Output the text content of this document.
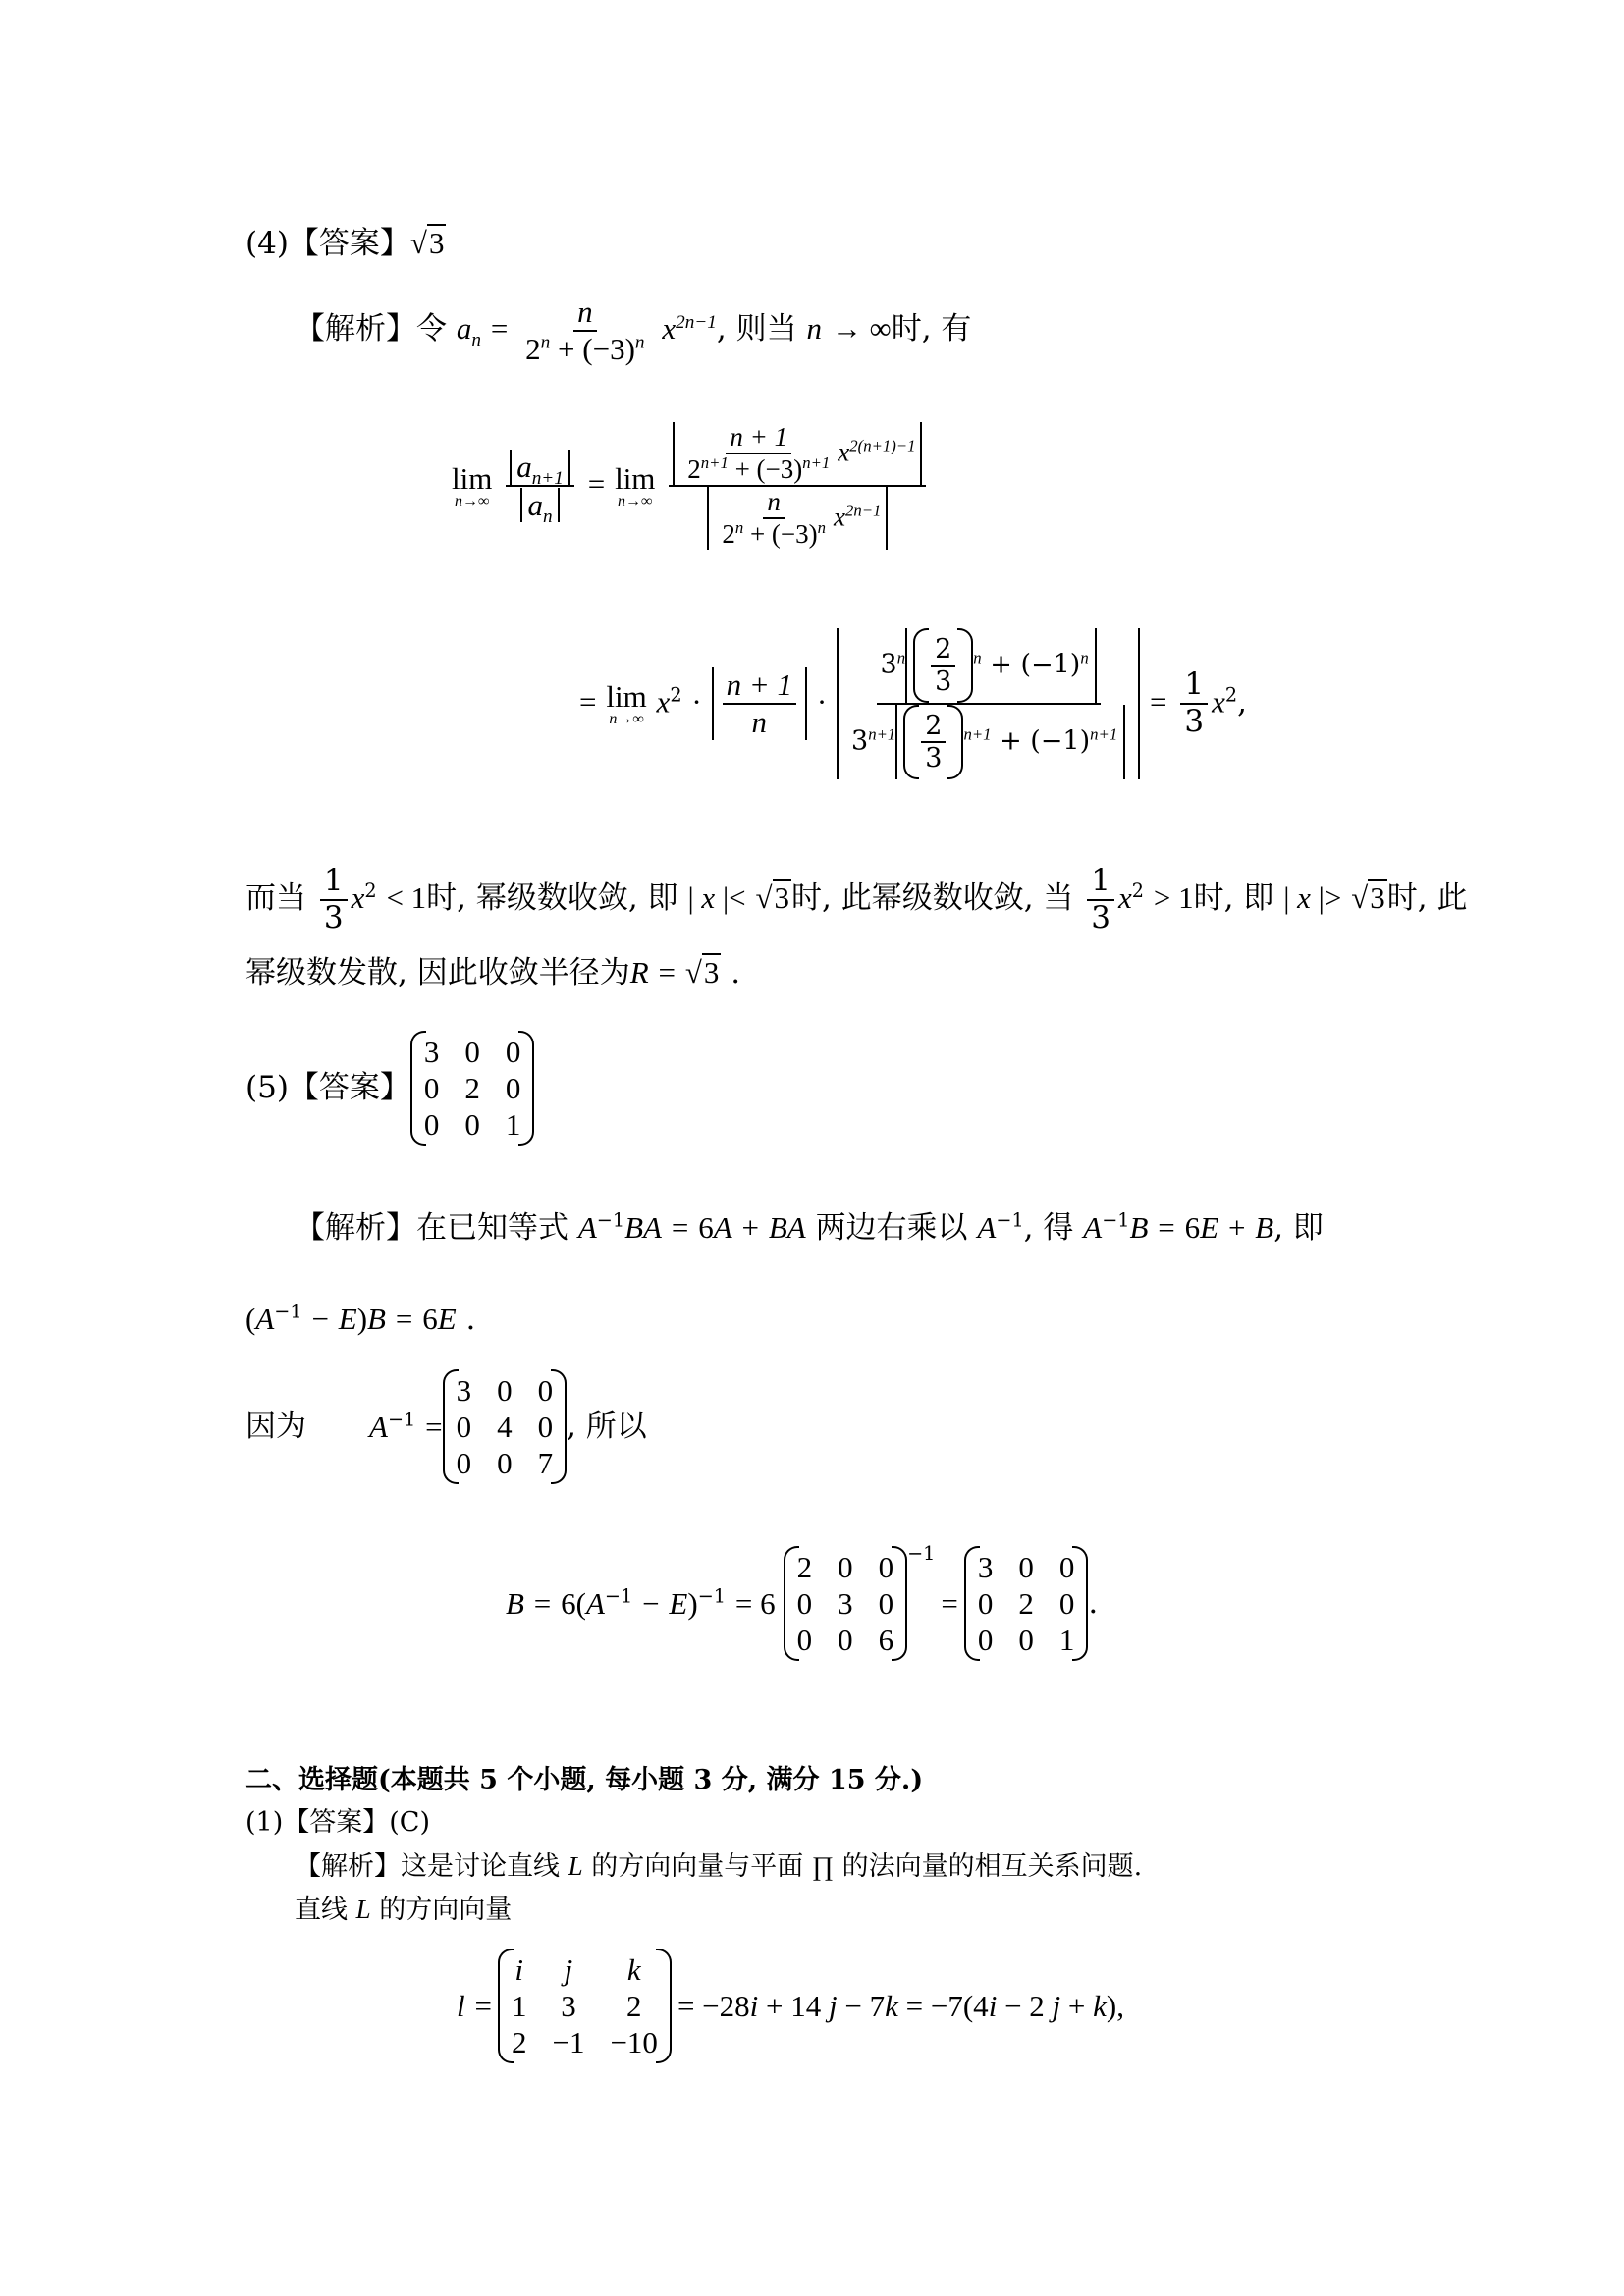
(4)【答案】√3
【解析】令 $a_n = \frac{n}{2^n + (-3)^n} x^{2n-1}$, 则当 n → ∞时, 有
lim
n→∞
$\frac{a_{n+1}}{a_n} = \lim$
n→∞
$\frac{\frac{n + 1}{2^{n+1} + (-3)^{n+1}} x^{2(n+1)-1}}{\frac{n}{2^n + (-3)^n} x^{2n-1}}$
= lim
n→∞ $x^2 \cdot \frac{n + 1}{n} \cdot \frac{3^n \frac{2}{3} ^n + (-1)^n}{3^{n+1} \frac{2}{3} ^{n+1} + (-1)^{n+1}} = \frac{1}{3} x^2$,
而当 $\frac{1}{3} x^2 < 1$时, 幂级数收敛, 即 | x |< √3时, 此幂级数收敛, 当 $\frac{1}{3} x^2 > 1$时, 即 | x |> √3时, 此
幂级数发散, 因此收敛半径为R = √3 .
(5)【答案】
3 0 0
0 2 0
0 0 1
【解析】在已知等式 $A^{-1}BA = 6A$ + BA 两边右乘以 $A^{-1}$, 得 $A^{-1}B = 6E + B$, 即
$(A^{-1} - E)B = 6E$ .
因为 $A^{-1}$ =
3 0 0
0 4 0
0 0 7
, 所以
$B = 6(A^{-1} - E)^{-1} = 6$
2 0 0
0 3 0
0 0 6
−1
=
3 0 0
0 2 0
0 0 1
.
二、选择题(本题共 5 个小题, 每小题 3 分, 满分 15 分.)
(1)【答案】(C)
【解析】这是讨论直线 L 的方向向量与平面 ∏ 的法向量的相互关系问题.
直线 L 的方向向量
l =
i	j	k
1 3	2
2 −1 −10
= −28i + 14 j − 7k = −7(4i − 2 j + k),
